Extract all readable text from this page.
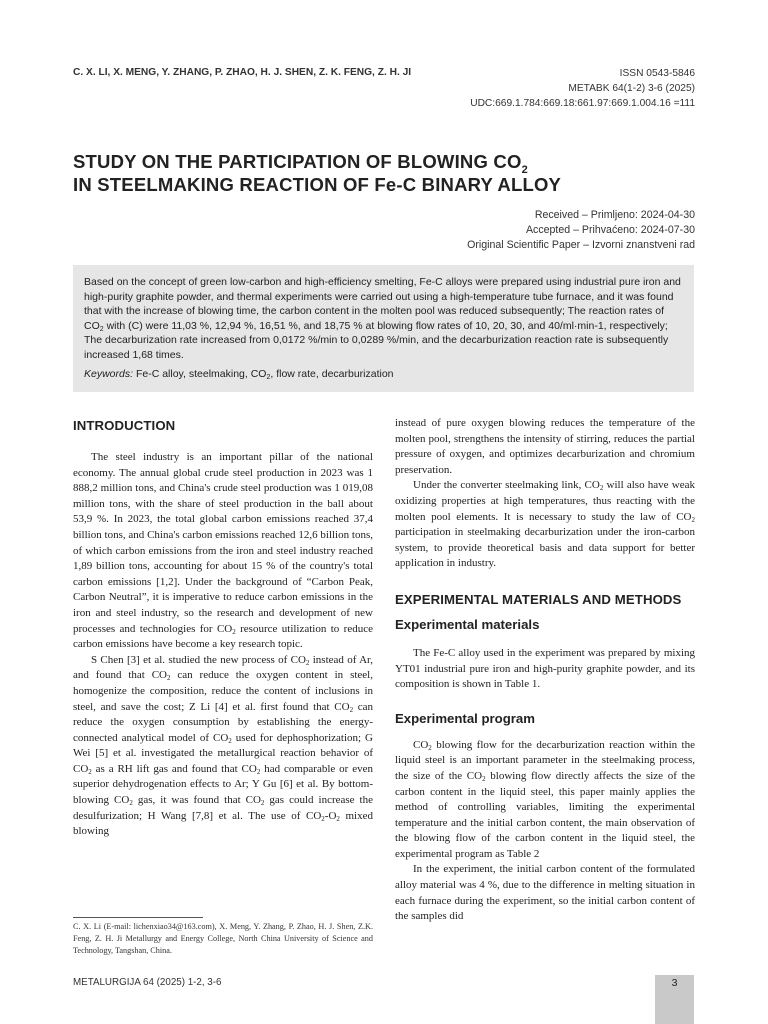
C. X. LI, X. MENG, Y. ZHANG, P. ZHAO, H. J. SHEN, Z. K. FENG, Z. H. JI	ISSN 0543-5846
METABK 64(1-2) 3-6 (2025)
UDC:669.1.784:669.18:661.97:669.1.004.16 =111
STUDY ON THE PARTICIPATION OF BLOWING $CO_2$
IN STEELMAKING REACTION OF Fe-C BINARY ALLOY
Received – Primljeno: 2024-04-30
Accepted – Prihvaćeno: 2024-07-30
Original Scientific Paper – Izvorni znanstveni rad

Based on the concept of green low-carbon and high-efficiency smelting, Fe-C alloys were prepared using industrial pure iron and high-purity graphite powder, and thermal experiments were carried out using a high-temperature tube furnace, and it was found that with the increase of blowing time, the carbon content in the molten pool was reduced subsequently; The reaction rates of $CO_2$ with (C) were 11,03 %, 12,94 %, 16,51 %, and 18,75 % at blowing flow rates of 10, 20, 30, and 40/ml·min-1, respectively; The decarburization rate increased from 0,0172 %/min to 0,0289 %/min, and the decarburization reaction rate is subsequently increased 1,68 times.

Keywords: Fe-C alloy, steelmaking, $CO_2$, flow rate, decarburization

INTRODUCTION

The steel industry is an important pillar of the national economy. The annual global crude steel production in 2023 was 1 888,2 million tons, and China's crude steel production was 1 019,08 million tons, with the share of steel production in the ball about 53,9 %. In 2023, the total global carbon emissions reached 37,4 billion tons, and China's carbon emissions reached 12,6 billion tons, of which carbon emissions from the iron and steel industry reached 1,89 billion tons, accounting for about 15 % of the country's total carbon emissions [1,2]. Under the background of “Carbon Peak, Carbon Neutral”, it is imperative to reduce carbon emissions in the iron and steel industry, so the research and development of new processes and technologies for $CO_2$ resource utilization to reduce carbon emissions have become a key research topic.

S Chen [3] et al. studied the new process of $CO_2$ instead of Ar, and found that $CO_2$ can reduce the oxygen content in steel, homogenize the composition, reduce the content of inclusions in steel, and save the cost; Z Li [4] et al. first found that $CO_2$ can reduce the oxygen consumption by establishing the energy-connected analytical model of $CO_2$ used for dephosphorization; G Wei [5] et al. investigated the metallurgical reaction behavior of $CO_2$ as a RH lift gas and found that $CO_2$ had comparable or even superior dehydrogenation effects to Ar; Y Gu [6] et al. By bottom-blowing $CO_2$ gas, it was found that $CO_2$ gas could increase the desulfurization; H Wang [7,8] et al. The use of $CO_2-O_2$ mixed blowing

instead of pure oxygen blowing reduces the temperature of the molten pool, strengthens the intensity of stirring, reduces the partial pressure of oxygen, and optimizes decarburization and chromium preservation.

Under the converter steelmaking link, $CO_2$ will also have weak oxidizing properties at high temperatures, thus reacting with the molten pool elements. It is necessary to study the law of $CO_2$ participation in steelmaking decarburization under the iron-carbon system, to provide theoretical basis and data support for better application in industry.

EXPERIMENTAL MATERIALS AND METHODS
Experimental materials

The Fe-C alloy used in the experiment was prepared by mixing YT01 industrial pure iron and high-purity graphite powder, and its composition is shown in Table 1.

Experimental program

$CO_2$ blowing flow for the decarburization reaction within the liquid steel is an important parameter in the steelmaking process, the size of the $CO_2$ blowing flow directly affects the size of the carbon content in the liquid steel, this paper mainly applies the method of controlling variables, limiting the experimental temperature and the initial carbon content, the main observation of the blowing flow of the carbon content in the liquid steel, the experimental program as Table 2

In the experiment, the initial carbon content of the formulated alloy material was 4 %, due to the difference in melting situation in each furnace during the experiment, so the initial carbon content of the samples did

C. X. Li (E-mail: lichenxiao34@163.com), X. Meng, Y. Zhang, P. Zhao, H. J. Shen, Z.K. Feng, Z. H. Ji Metallurgy and Energy College, North China University of Science and Technology, Tangshan, China.
METALURGIJA 64 (2025) 1-2, 3-6	3
